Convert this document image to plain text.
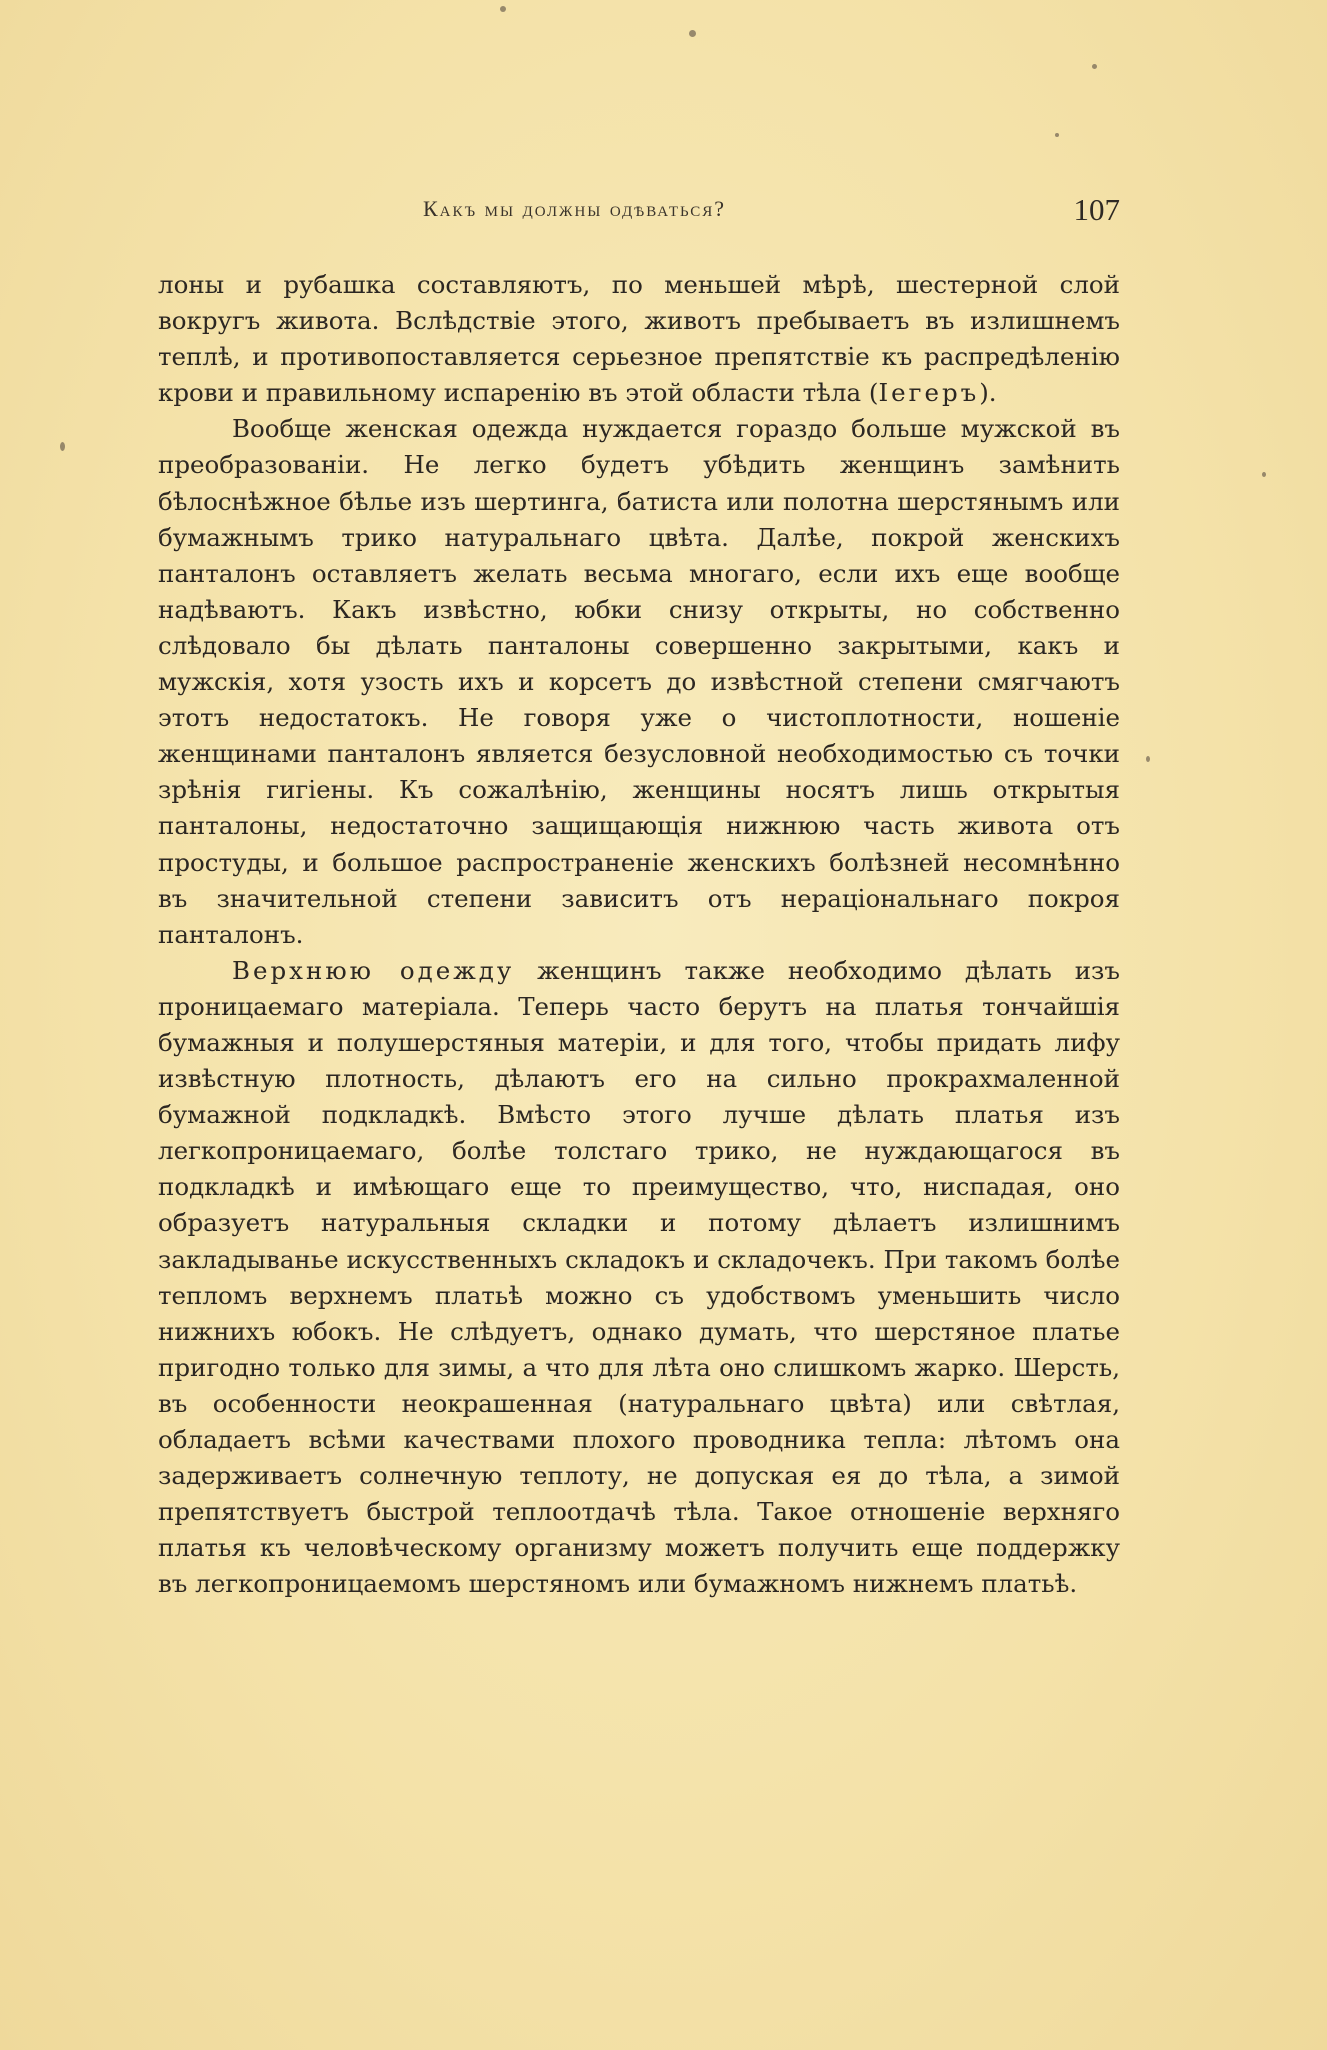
Какъ мы должны одѣваться?	107

лоны и рубашка составляютъ, по меньшей мѣрѣ, шестерной слой вокругъ живота. Вслѣдствіе этого, животъ пребываетъ въ излишнемъ теплѣ, и противопоставляется серьезное препятствіе къ распредѣленію крови и правильному испаренію въ этой области тѣла (Iегеръ).

Вообще женская одежда нуждается гораздо больше мужской въ преобразованіи. Не легко будетъ убѣдить женщинъ замѣнить бѣлоснѣжное бѣлье изъ шертинга, батиста или полотна шерстянымъ или бумажнымъ трико натуральнаго цвѣта. Далѣе, покрой женскихъ панталонъ оставляетъ желать весьма многаго, если ихъ еще вообще надѣваютъ. Какъ извѣстно, юбки снизу открыты, но собственно слѣдовало бы дѣлать панталоны совершенно закрытыми, какъ и мужскія, хотя узость ихъ и корсетъ до извѣстной степени смягчаютъ этотъ недостатокъ. Не говоря уже о чистоплотности, ношеніе женщинами панталонъ является безусловной необходимостью съ точки зрѣнія гигіены. Къ сожалѣнію, женщины носятъ лишь открытыя панталоны, недостаточно защищающія нижнюю часть живота отъ простуды, и большое распространеніе женскихъ болѣзней несомнѣнно въ значительной степени зависитъ отъ нераціональнаго покроя панталонъ.

Верхнюю одежду женщинъ также необходимо дѣлать изъ проницаемаго матеріала. Теперь часто берутъ на платья тончайшія бумажныя и полушерстяныя матеріи, и для того, чтобы придать лифу извѣстную плотность, дѣлаютъ его на сильно прокрахмаленной бумажной подкладкѣ. Вмѣсто этого лучше дѣлать платья изъ легкопроницаемаго, болѣе толстаго трико, не нуждающагося въ подкладкѣ и имѣющаго еще то преимущество, что, ниспадая, оно образуетъ натуральныя складки и потому дѣлаетъ излишнимъ закладыванье искусственныхъ складокъ и складочекъ. При такомъ болѣе тепломъ верхнемъ платьѣ можно съ удобствомъ уменьшить число нижнихъ юбокъ. Не слѣдуетъ, однако думать, что шерстяное платье пригодно только для зимы, а что для лѣта оно слишкомъ жарко. Шерсть, въ особенности неокрашенная (натуральнаго цвѣта) или свѣтлая, обладаетъ всѣми качествами плохого проводника тепла: лѣтомъ она задерживаетъ солнечную теплоту, не допуская ея до тѣла, а зимой препятствуетъ быстрой теплоотдачѣ тѣла. Такое отношеніе верхняго платья къ человѣческому организму можетъ получить еще поддержку въ легкопроницаемомъ шерстяномъ или бумажномъ нижнемъ платьѣ.
